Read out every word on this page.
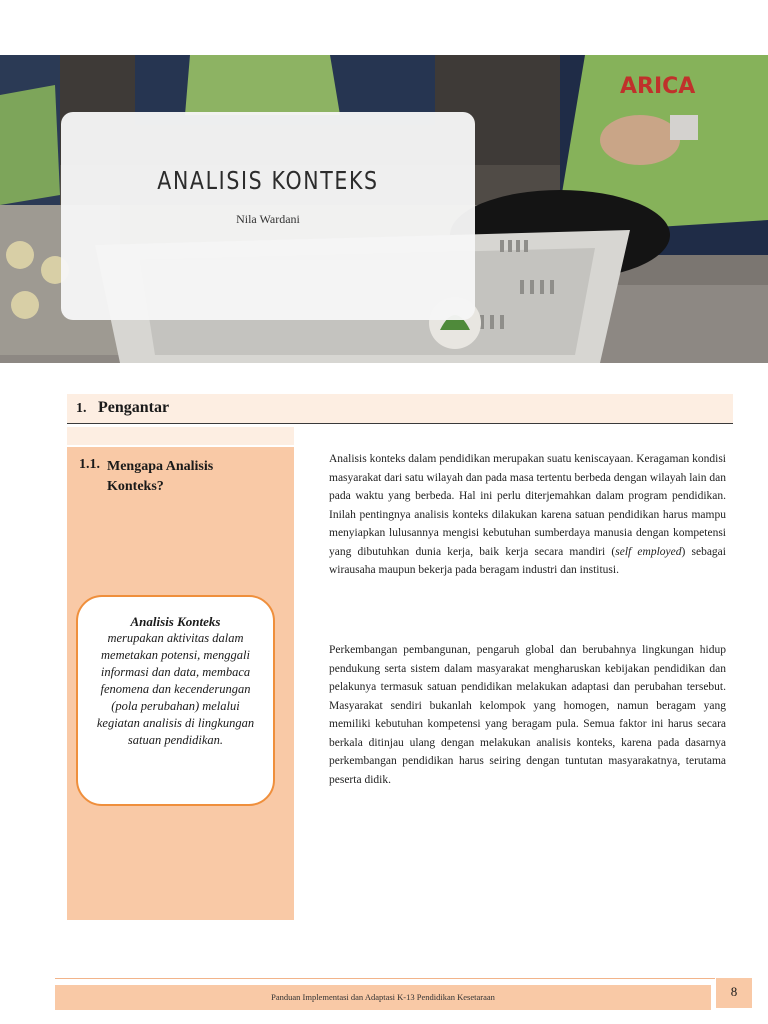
ARICA
ANALISIS KONTEKS
Nila Wardani
1. Pengantar
1.1. Mengapa Analisis Konteks?
Analisis Konteks
merupakan aktivitas dalam memetakan potensi, menggali informasi dan data, membaca fenomena dan kecenderungan (pola perubahan) melalui kegiatan analisis di lingkungan satuan pendidikan.
Analisis konteks dalam pendidikan merupakan suatu keniscayaan. Keragaman kondisi masyarakat dari satu wilayah dan pada masa tertentu berbeda dengan wilayah lain dan pada waktu yang berbeda. Hal ini perlu diterjemahkan dalam program pendidikan. Inilah pentingnya analisis konteks dilakukan karena satuan pendidikan harus mampu menyiapkan lulusannya mengisi kebutuhan sumberdaya manusia dengan kompetensi yang dibutuhkan dunia kerja, baik kerja secara mandiri (self employed) sebagai wirausaha maupun bekerja pada beragam industri dan institusi.
Perkembangan pembangunan, pengaruh global dan berubahnya lingkungan hidup pendukung serta sistem dalam masyarakat mengharuskan kebijakan pendidikan dan pelakunya termasuk satuan pendidikan melakukan adaptasi dan perubahan tersebut. Masyarakat sendiri bukanlah kelompok yang homogen, namun beragam yang memiliki kebutuhan kompetensi yang beragam pula. Semua faktor ini harus secara berkala ditinjau ulang dengan melakukan analisis konteks, karena pada dasarnya perkembangan pendidikan harus seiring dengan tuntutan masyarakatnya, terutama peserta didik.
Panduan Implementasi dan Adaptasi K-13 Pendidikan Kesetaraan	8
